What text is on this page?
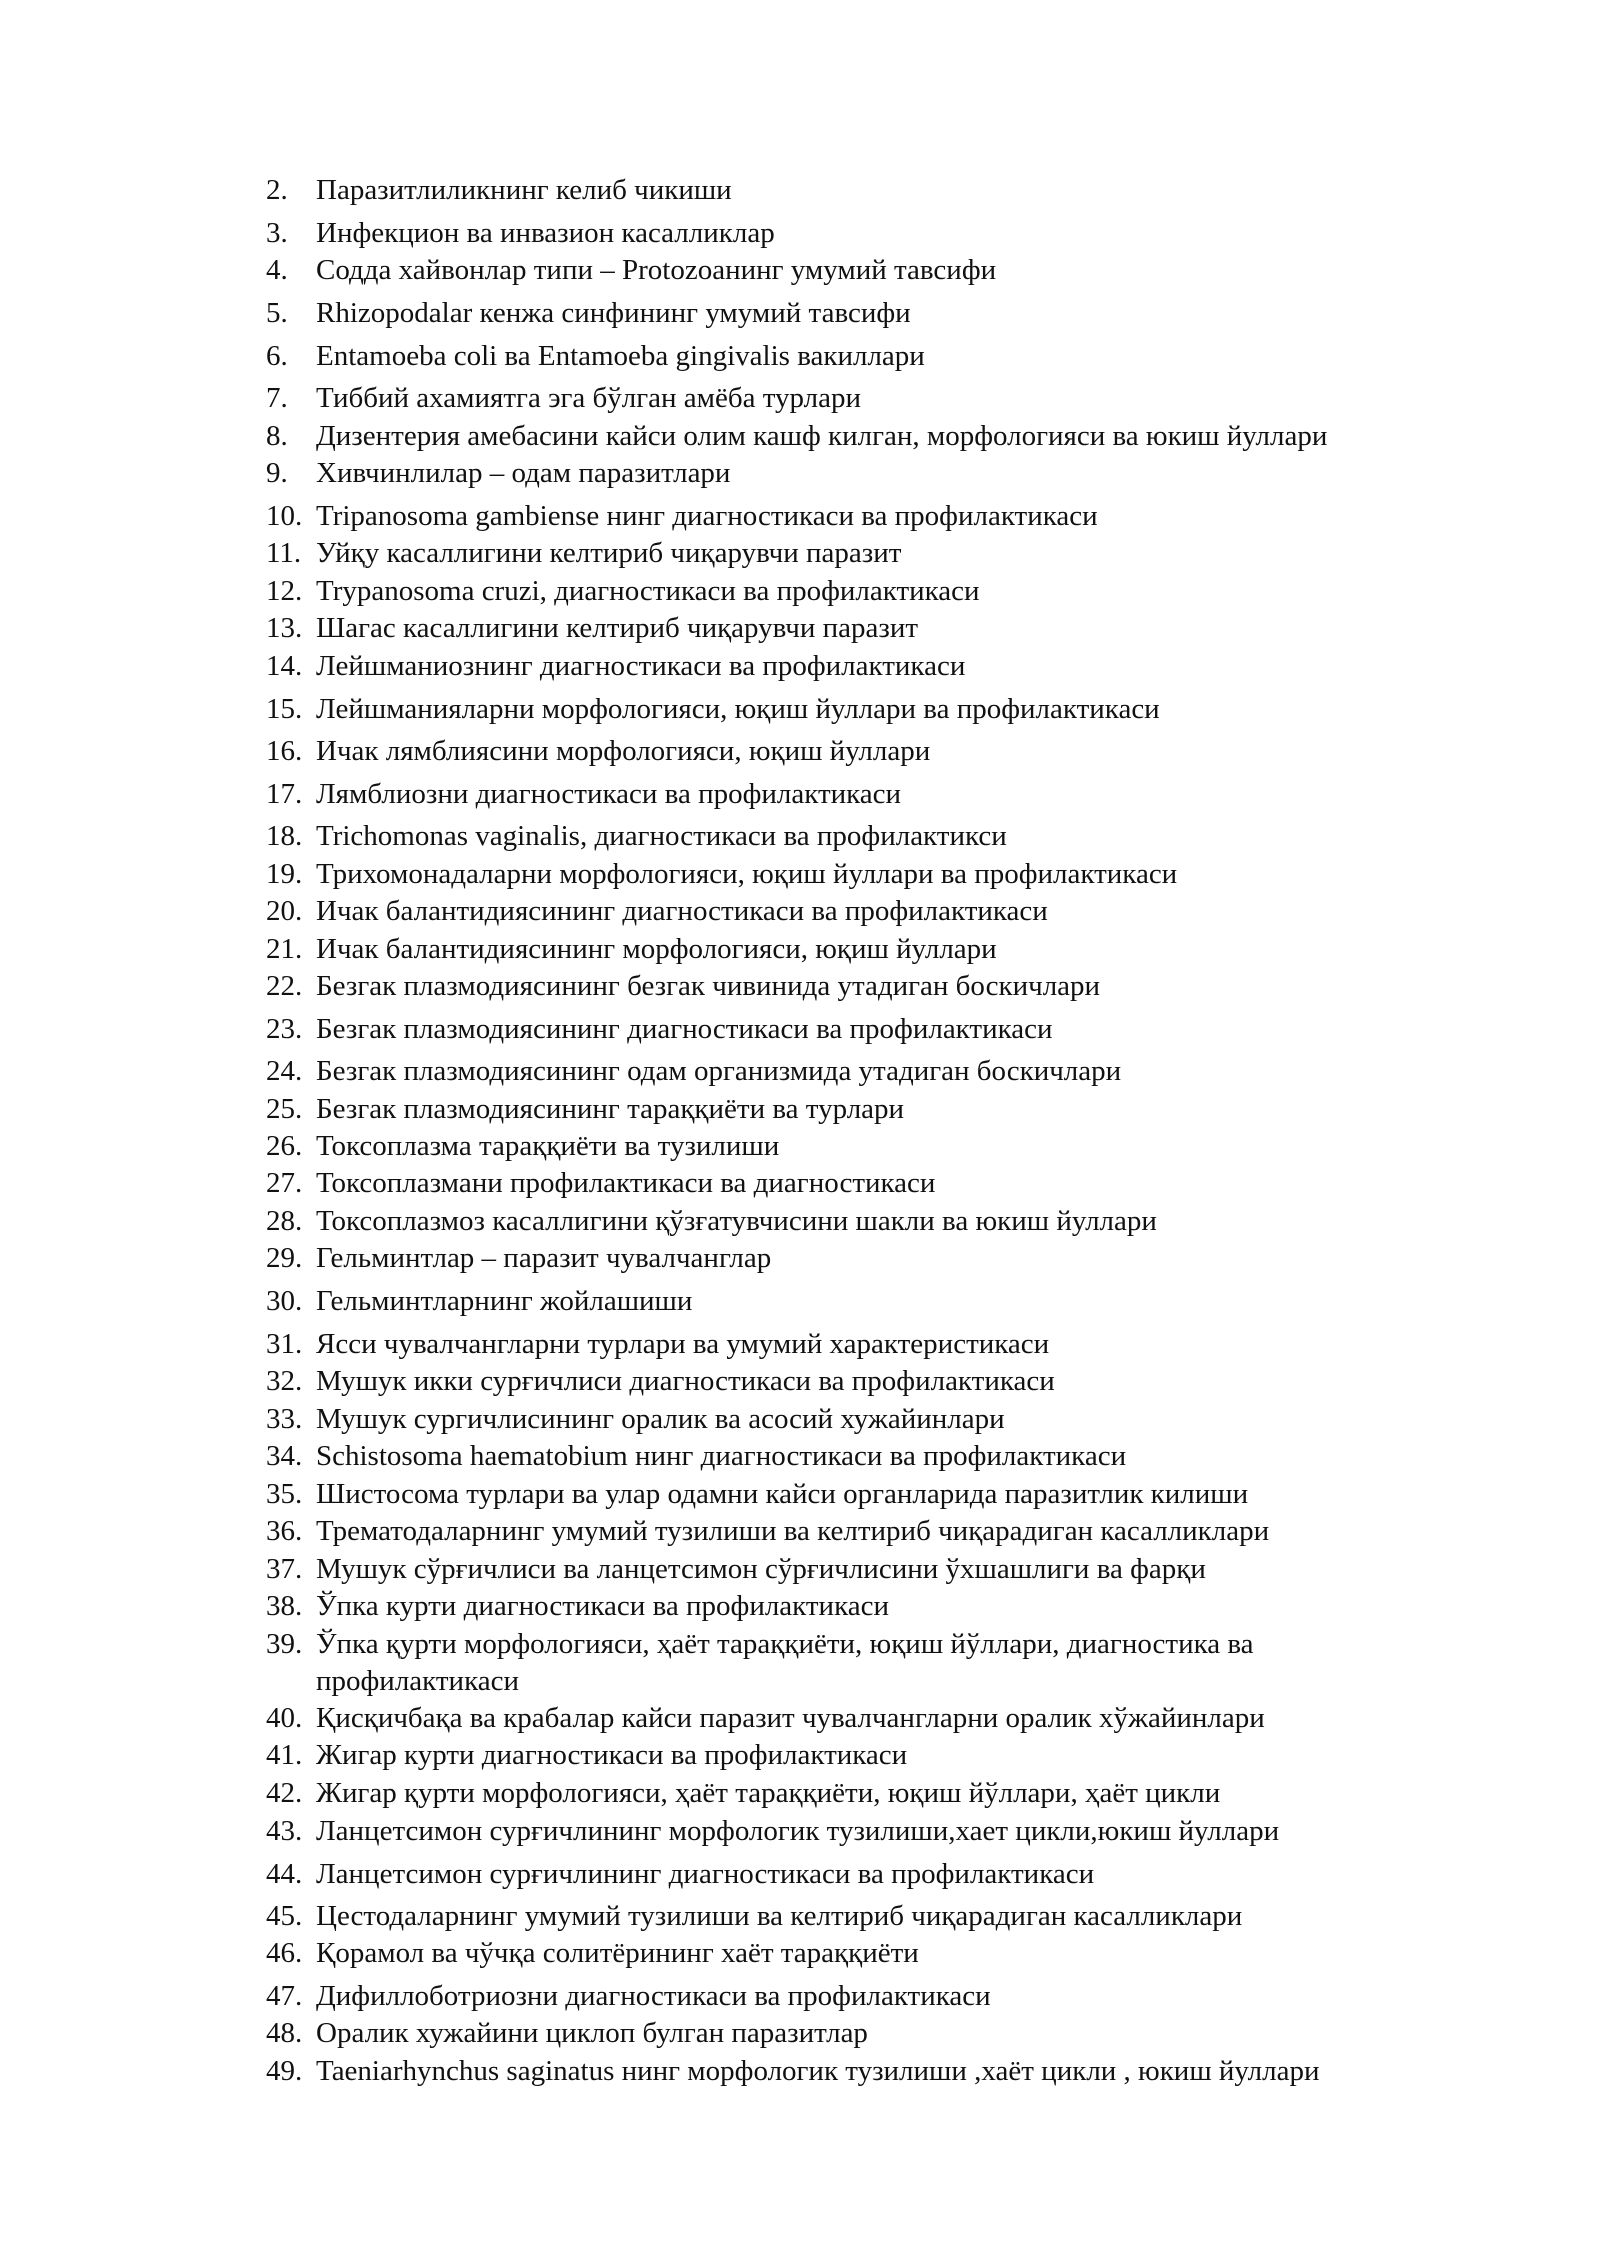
2. Паразитлиликнинг келиб чикиши
3. Инфекцион ва инвазион касалликлар
4. Содда хайвонлар типи – Protozoaнинг умумий тавсифи
5. Rhizopodalar кенжа синфининг умумий тавсифи
6. Entamoeba coli ва Entamoeba gingivalis вакиллари
7. Тиббий ахамиятга эга бўлган амёба турлари
8. Дизентерия амебасини кайси олим кашф килган, морфологияси ва юкиш йуллари
9. Хивчинлилар – одам паразитлари
10. Tripanosoma gambiense нинг диагностикаси ва профилактикаси
11. Уйқу касаллигини келтириб чиқарувчи паразит
12. Trypanosoma cruzi, диагностикаси ва профилактикаси
13. Шагас касаллигини келтириб чиқарувчи паразит
14. Лейшманиознинг диагностикаси ва профилактикаси
15. Лейшманияларни морфологияси, юқиш йуллари ва профилактикаси
16. Ичак лямблиясини морфологияси, юқиш йуллари
17. Лямблиозни диагностикаси ва профилактикаси
18. Trichomonas vaginalis, диагностикаси ва профилактикси
19. Трихомонадаларни морфологияси, юқиш йуллари ва профилактикаси
20. Ичак балантидиясининг диагностикаси ва профилактикаси
21. Ичак балантидиясининг морфологияси, юқиш йуллари
22. Безгак плазмодиясининг безгак чивинида утадиган боскичлари
23. Безгак плазмодиясининг диагностикаси ва профилактикаси
24. Безгак плазмодиясининг одам организмида утадиган боскичлари
25. Безгак плазмодиясининг тараққиёти ва турлари
26. Токсоплазма тараққиёти ва тузилиши
27. Токсоплазмани профилактикаси ва диагностикаси
28. Токсоплазмоз касаллигини қўзғатувчисини шакли ва юкиш йуллари
29. Гельминтлар – паразит чувалчанглар
30. Гельминтларнинг жойлашиши
31. Ясси чувалчангларни турлари ва умумий характеристикаси
32. Мушук икки сурғичлиси диагностикаси ва профилактикаси
33. Мушук сургичлисининг оралик ва асосий хужайинлари
34. Schistosoma haematobium нинг диагностикаси ва профилактикаси
35. Шистосома турлари ва улар одамни кайси органларида паразитлик килиши
36. Трематодаларнинг умумий тузилиши ва келтириб чиқарадиган касалликлари
37. Мушук сўрғичлиси ва ланцетсимон сўрғичлисини ўхшашлиги ва фарқи
38. Ўпка курти диагностикаси ва профилактикаси
39. Ўпка қурти морфологияси, ҳаёт тараққиёти, юқиш йўллари, диагностика ва профилактикаси
40. Қисқичбақа ва крабалар кайси паразит чувалчангларни оралик хўжайинлари
41. Жигар курти диагностикаси ва профилактикаси
42. Жигар қурти морфологияси, ҳаёт тараққиёти, юқиш йўллари, ҳаёт цикли
43. Ланцетсимон сурғичлининг морфологик тузилиши,хает цикли,юкиш йуллари
44. Ланцетсимон сурғичлининг диагностикаси ва профилактикаси
45. Цестодаларнинг умумий тузилиши ва келтириб чиқарадиган касалликлари
46. Қорамол ва чўчқа солитёрининг хаёт тараққиёти
47. Дифиллоботриозни диагностикаси ва профилактикаси
48. Оралик хужайини циклоп булган паразитлар
49. Taeniarhynchus saginatus нинг морфологик тузилиши ,хаёт цикли , юкиш йуллари
